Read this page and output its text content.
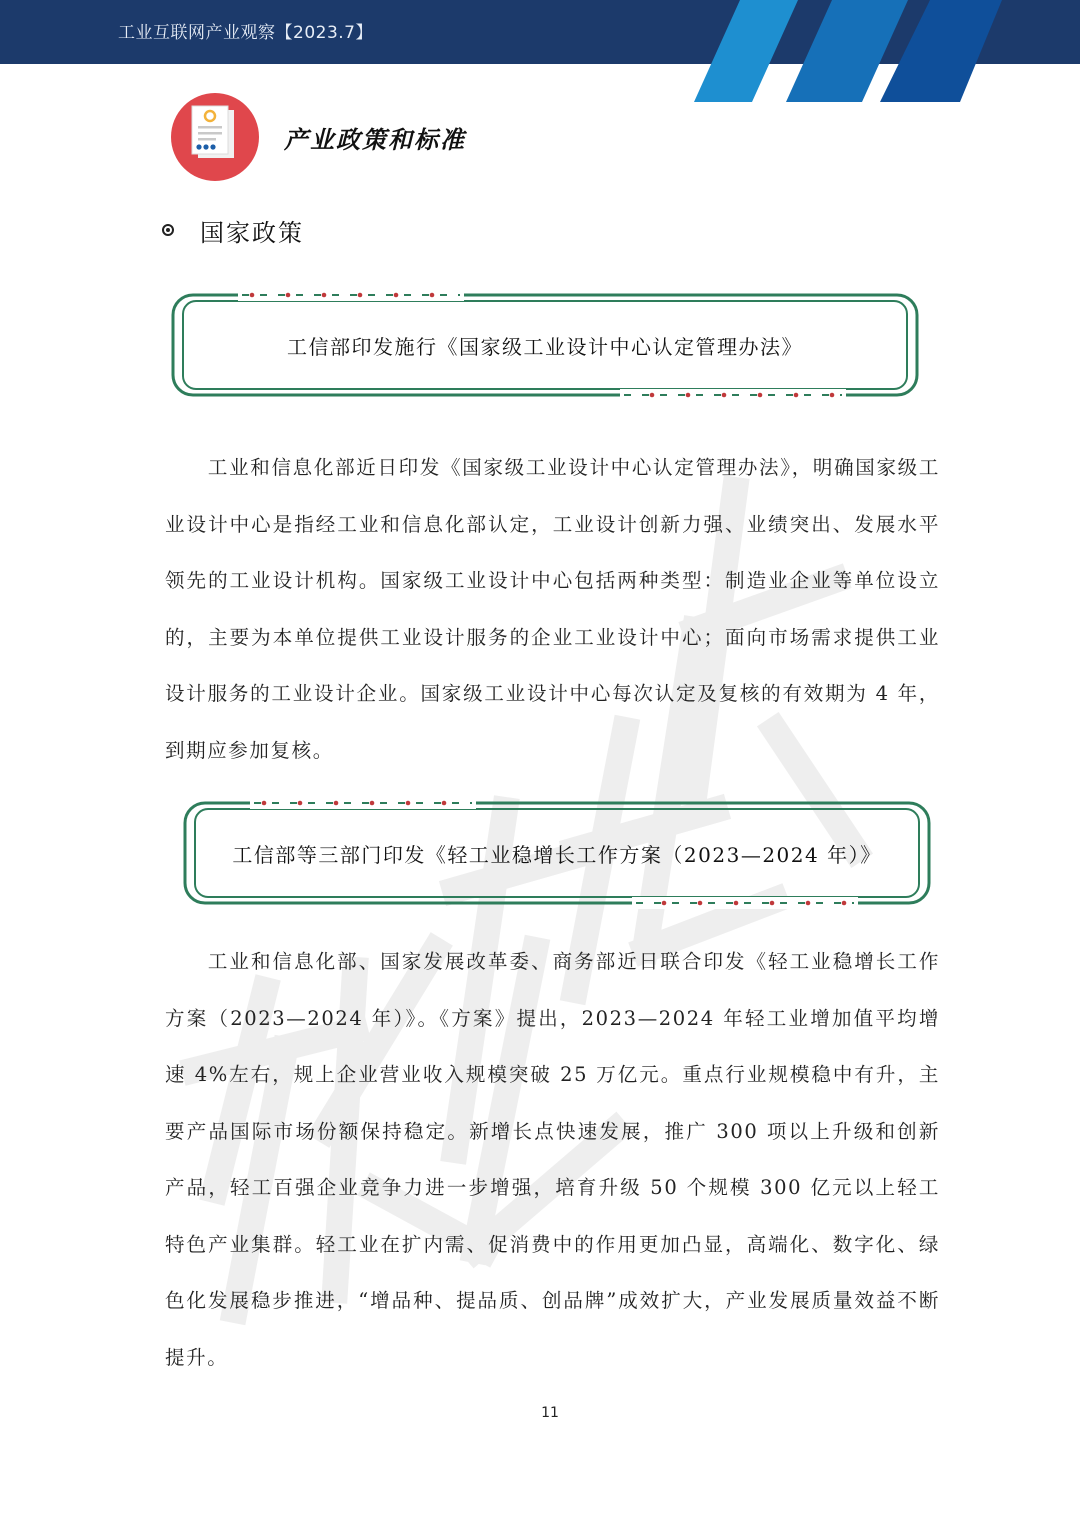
工业互联网产业观察【2023.7】
产业政策和标准
国家政策
工信部印发施行《国家级工业设计中心认定管理办法》

工业和信息化部近日印发《国家级工业设计中心认定管理办法》，明确国家级工业设计中心是指经工业和信息化部认定，工业设计创新力强、业绩突出、发展水平领先的工业设计机构。国家级工业设计中心包括两种类型：制造业企业等单位设立的，主要为本单位提供工业设计服务的企业工业设计中心；面向市场需求提供工业设计服务的工业设计企业。国家级工业设计中心每次认定及复核的有效期为 4 年，到期应参加复核。

工信部等三部门印发《轻工业稳增长工作方案（2023—2024 年）》

工业和信息化部、国家发展改革委、商务部近日联合印发《轻工业稳增长工作方案（2023—2024 年）》。《方案》提出，2023—2024 年轻工业增加值平均增速 4%左右，规上企业营业收入规模突破 25 万亿元。重点行业规模稳中有升，主要产品国际市场份额保持稳定。新增长点快速发展，推广 300 项以上升级和创新产品，轻工百强企业竞争力进一步增强，培育升级 50 个规模 300 亿元以上轻工特色产业集群。轻工业在扩内需、促消费中的作用更加凸显，高端化、数字化、绿色化发展稳步推进，“增品种、提品质、创品牌”成效扩大，产业发展质量效益不断提升。

11
